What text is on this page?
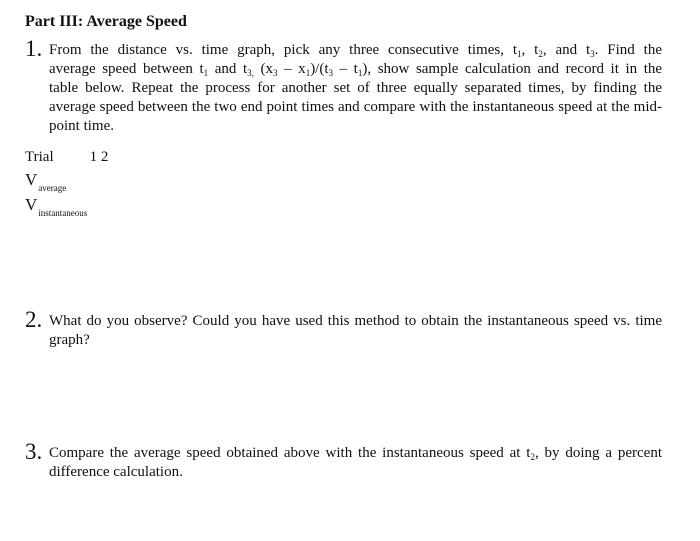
Part III: Average Speed
1. From the distance vs. time graph, pick any three consecutive times, $t_1$, $t_2$, and $t_3$. Find the
average speed between $t_1$ and $t_{3,}$ $(x_3 - x_1)/(t_3 - t_1)$, show sample calculation and record it in the
table below. Repeat the process for another set of three equally separated times, by finding the average speed between the two end point times and compare with the instantaneous speed at the mid-point time.
Trial 1 2
$V_{average}$
$V_{instantaneous}$
2. What do you observe? Could you have used this method to obtain the instantaneous speed vs. time graph?
3. Compare the average speed obtained above with the instantaneous speed at $t_2$, by doing a percent difference calculation.
